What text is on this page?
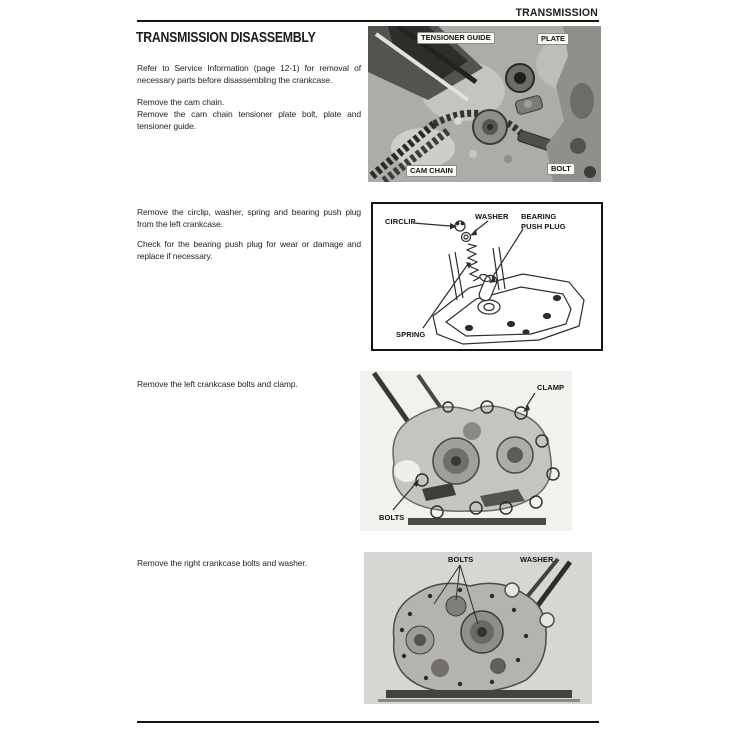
TRANSMISSION
TRANSMISSION DISASSEMBLY
Refer to Service Information (page 12-1) for removal of
necessary parts before disassembling the crankcase.
Remove the cam chain.
Remove the cam chain tensioner plate bolt, plate and
tensioner guide.
TENSIONER GUIDE	PLATE
CAM CHAIN	BOLT
Remove the circlip, washer, spring and bearing push plug
from the left crankcase.
Check for the bearing push plug for wear or damage and
replace if necessary.
CIRCLIP
WASHER BEARING
PUSH PLUG
SPRING
Remove the left crankcase bolts and clamp.	CLAMP
BOLTS
Remove the right crankcase bolts and washer.	BOLTS	WASHER
